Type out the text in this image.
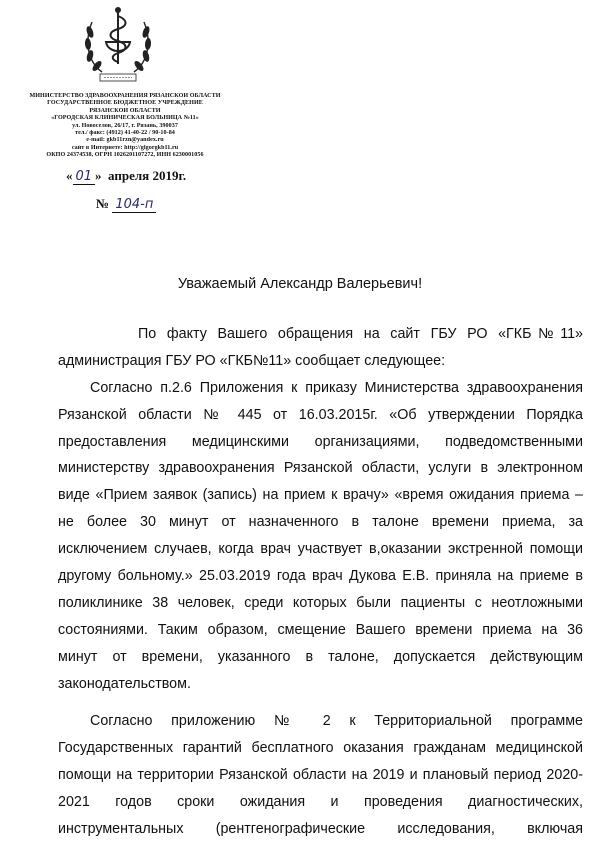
МИНИСТЕРСТВО ЗДРАВООХРАНЕНИЯ РЯЗАНСКОЙ ОБЛАСТИ
ГОСУДАРСТВЕННОЕ БЮДЖЕТНОЕ УЧРЕЖДЕНИЕ
РЯЗАНСКОЙ ОБЛАСТИ
«ГОРОДСКАЯ КЛИНИЧЕСКАЯ БОЛЬНИЦА №11»
ул. Новоселов, 26/17, г. Рязань, 390037
тел./ факс: (4912) 41-40-22 / 90-10-84
e-mail: gkb11rzn@yandex.ru
сайт в Интернете: http://glgorgkb11.ru
ОКПО 24374538, ОГРН 1026201107272, ИНН 6230001056
« 01 » апреля 2019г.
№ 104-п
Уважаемый Александр Валерьевич!
По факту Вашего обращения на сайт ГБУ РО «ГКБ№11»
администрация ГБУ РО «ГКБ№11» сообщает следующее:
Согласно п.2.6 Приложения к приказу Министерства здравоохранения
Рязанской области № 445 от 16.03.2015г. «Об утверждении Порядка
предоставления медицинскими организациями, подведомственными
министерству здравоохранения Рязанской области, услуги в электронном
виде «Прием заявок (запись) на прием к врачу» «время ожидания приема –
не более 30 минут от назначенного в талоне времени приема, за
исключением случаев, когда врач участвует в,оказании экстренной помощи
другому больному.» 25.03.2019 года врач Дукова Е.В. приняла на приеме в
поликлинике 38 человек, среди которых были пациенты с неотложными
состояниями. Таким образом, смещение Вашего времени приема на 36
минут от времени, указанного в талоне, допускается действующим
законодательством.
Согласно приложению № 2 к Территориальной программе
Государственных гарантий бесплатного оказания гражданам медицинской
помощи на территории Рязанской области на 2019 и плановый период 2020-
2021 годов сроки ожидания и проведения диагностических,
инструментальных (рентгенографические исследования, включая
